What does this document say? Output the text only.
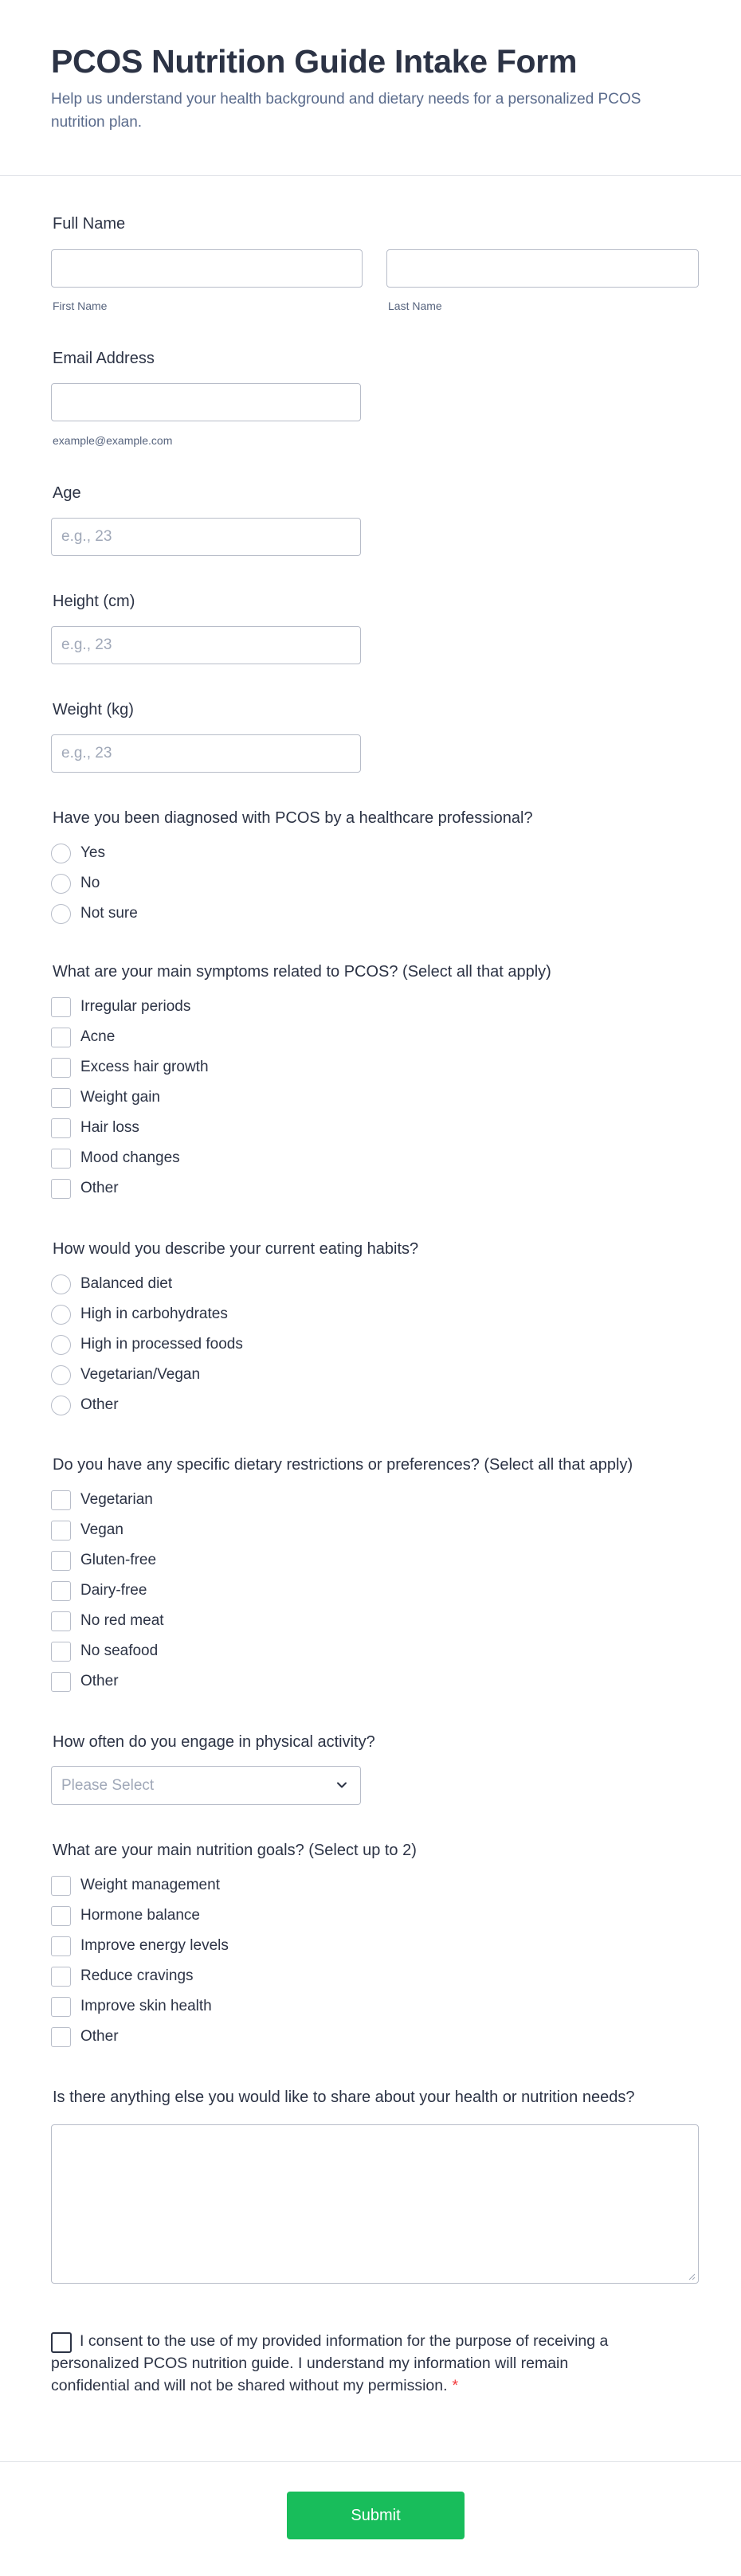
PCOS Nutrition Guide Intake Form

Help us understand your health background and dietary needs for a personalized PCOS nutrition plan.

Full Name
First Name	Last Name
Email Address
example@example.com
Age
e.g., 23
Height (cm)
e.g., 23
Weight (kg)
e.g., 23
Have you been diagnosed with PCOS by a healthcare professional?
Yes
No
Not sure
What are your main symptoms related to PCOS? (Select all that apply)
Irregular periods
Acne
Excess hair growth
Weight gain
Hair loss
Mood changes
Other
How would you describe your current eating habits?
Balanced diet
High in carbohydrates
High in processed foods
Vegetarian/Vegan
Other
Do you have any specific dietary restrictions or preferences? (Select all that apply)
Vegetarian
Vegan
Gluten-free
Dairy-free
No red meat
No seafood
Other
How often do you engage in physical activity?
Please Select
What are your main nutrition goals? (Select up to 2)
Weight management
Hormone balance
Improve energy levels
Reduce cravings
Improve skin health
Other
Is there anything else you would like to share about your health or nutrition needs?
I consent to the use of my provided information for the purpose of receiving a personalized PCOS nutrition guide. I understand my information will remain confidential and will not be shared without my permission. *
Submit
